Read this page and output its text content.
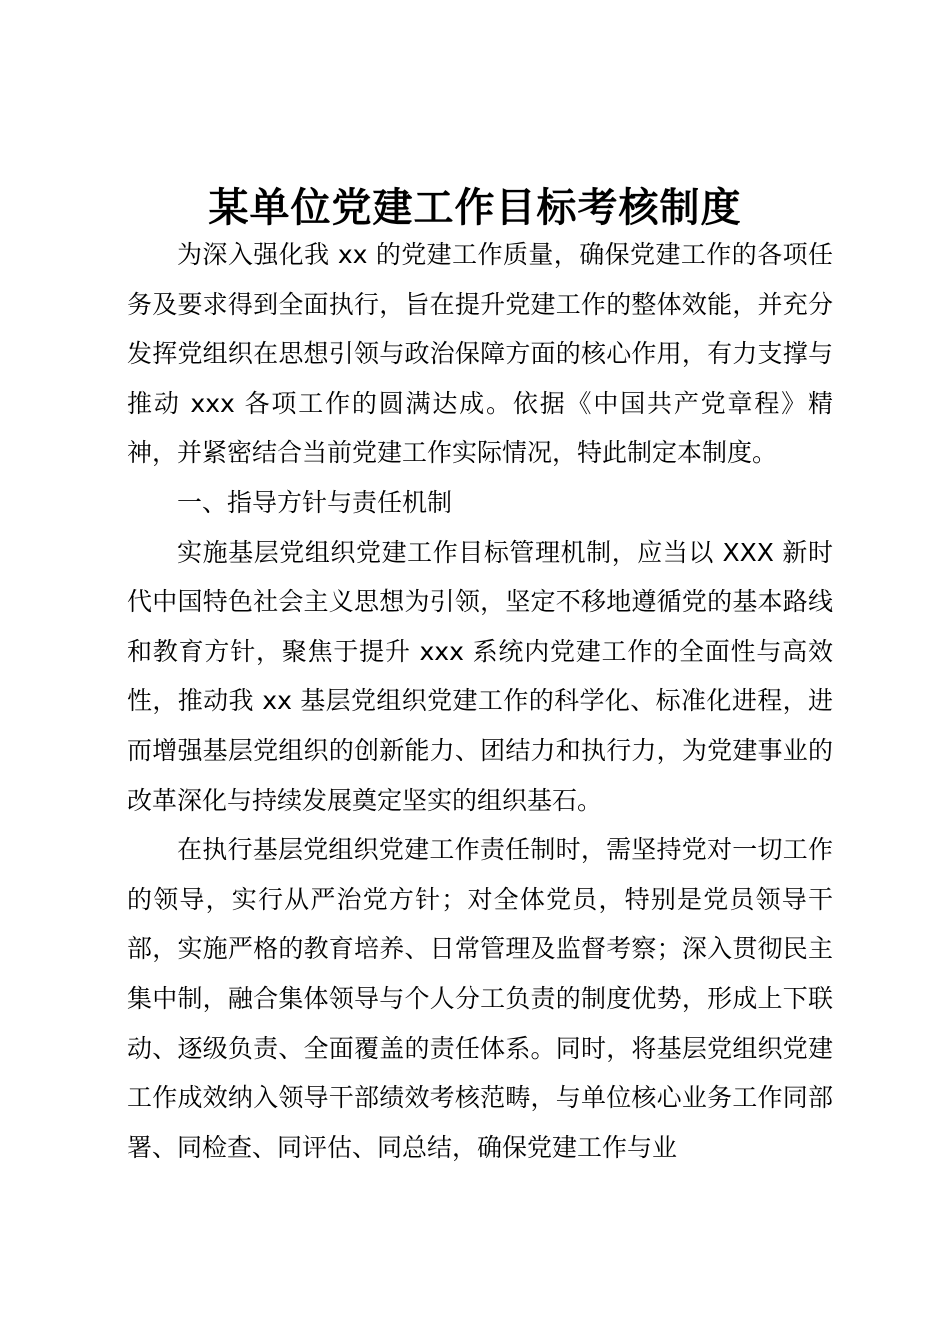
某单位党建工作目标考核制度

为深入强化我 xx 的党建工作质量，确保党建工作的各项任务及要求得到全面执行，旨在提升党建工作的整体效能，并充分发挥党组织在思想引领与政治保障方面的核心作用，有力支撑与推动 xxx 各项工作的圆满达成。依据《中国共产党章程》精神，并紧密结合当前党建工作实际情况，特此制定本制度。

一、指导方针与责任机制

实施基层党组织党建工作目标管理机制，应当以 XXX 新时代中国特色社会主义思想为引领，坚定不移地遵循党的基本路线和教育方针，聚焦于提升 xxx 系统内党建工作的全面性与高效性，推动我 xx 基层党组织党建工作的科学化、标准化进程，进而增强基层党组织的创新能力、团结力和执行力，为党建事业的改革深化与持续发展奠定坚实的组织基石。

在执行基层党组织党建工作责任制时，需坚持党对一切工作的领导，实行从严治党方针；对全体党员，特别是党员领导干部，实施严格的教育培养、日常管理及监督考察；深入贯彻民主集中制，融合集体领导与个人分工负责的制度优势，形成上下联动、逐级负责、全面覆盖的责任体系。同时，将基层党组织党建工作成效纳入领导干部绩效考核范畴，与单位核心业务工作同部署、同检查、同评估、同总结，确保党建工作与业
